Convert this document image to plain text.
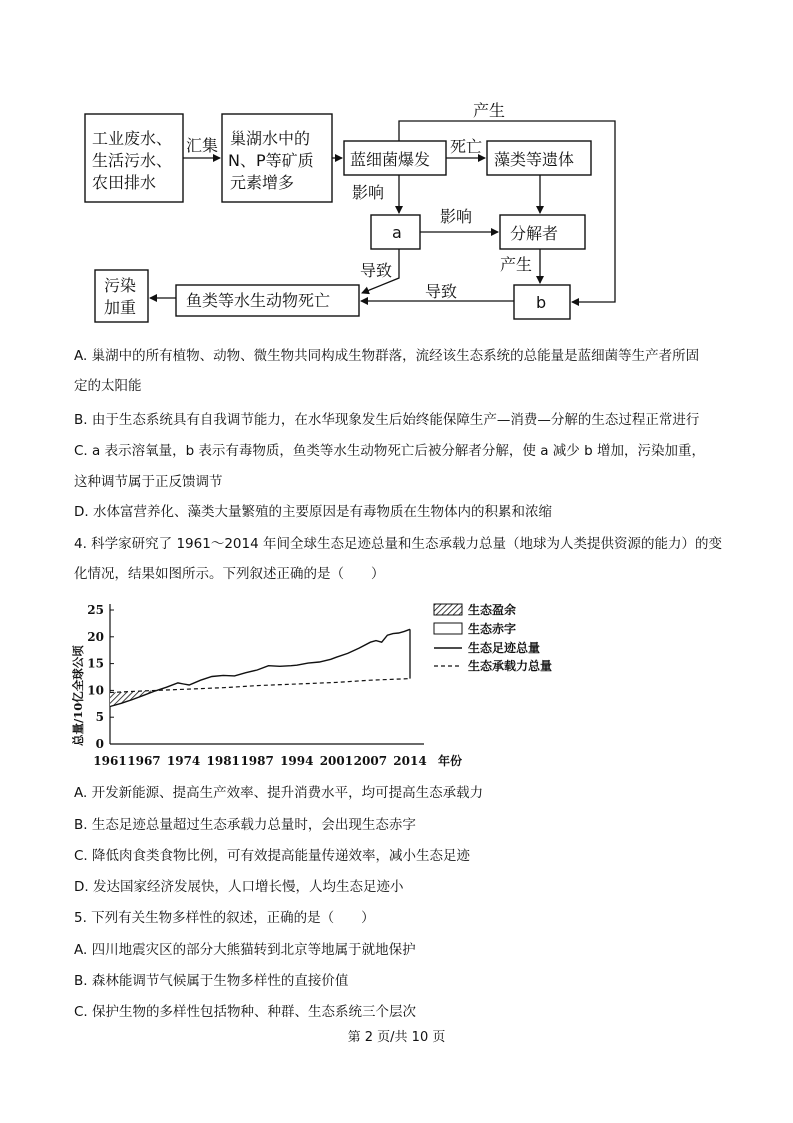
工业废水、
生活污水、
农田排水
汇集 巢湖水中的
N、P等矿质
元素增多
蓝细菌爆发
死亡
藻类等遗体
产生
影响
a
影响
分解者
导致	产生
污染
加重	鱼类等水生动物死亡	导致
b
A. 巢湖中的所有植物、动物、微生物共同构成生物群落，流经该生态系统的总能量是蓝细菌等生产者所固
定的太阳能
B. 由于生态系统具有自我调节能力，在水华现象发生后始终能保障生产—消费—分解的生态过程正常进行
C. a 表示溶氧量，b 表示有毒物质，鱼类等水生动物死亡后被分解者分解，使 a 减少 b 增加，污染加重，
这种调节属于正反馈调节
D. 水体富营养化、藻类大量繁殖的主要原因是有毒物质在生物体内的积累和浓缩
4. 科学家研究了 1961～2014 年间全球生态足迹总量和生态承载力总量（地球为人类提供资源的能力）的变
化情况，结果如图所示。下列叙述正确的是（　　）
0
5
10
15
20
25
1961 1967 1974 1981 1987 1994 2001 2007 2014
总量/10亿全球公顷
年份
生态盈余
生态赤字
生态足迹总量
生态承载力总量
A. 开发新能源、提高生产效率、提升消费水平，均可提高生态承载力
B. 生态足迹总量超过生态承载力总量时，会出现生态赤字
C. 降低肉食类食物比例，可有效提高能量传递效率，减小生态足迹
D. 发达国家经济发展快，人口增长慢，人均生态足迹小
5. 下列有关生物多样性的叙述，正确的是（　　）
A. 四川地震灾区的部分大熊猫转到北京等地属于就地保护
B. 森林能调节气候属于生物多样性的直接价值
C. 保护生物的多样性包括物种、种群、生态系统三个层次
第 2 页/共 10 页
